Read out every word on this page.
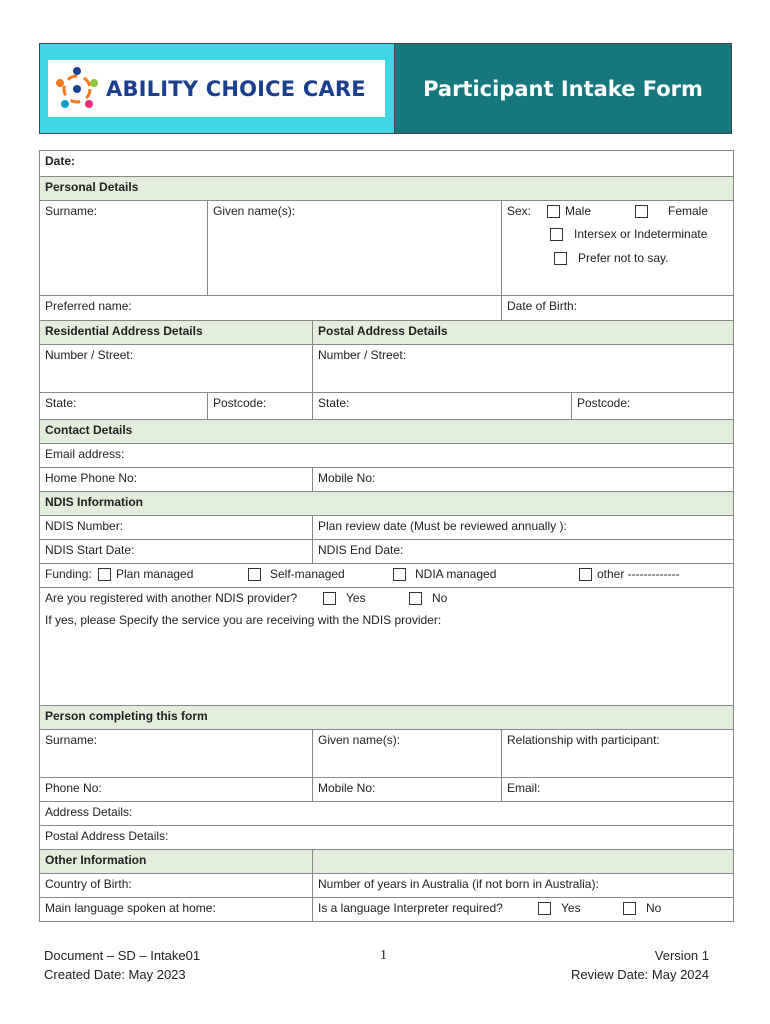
ABILITY CHOICE CARE	Participant Intake Form
Date:				
Personal Details				
Surname:	Given name(s):		Sex: Male Female
Intersex or Indeterminate
Prefer not to say.	

Preferred name:			Date of Birth:	
Residential Address Details		Postal Address Details		
Number / Street:		Number / Street:		
State:	Postcode:	State:		Postcode:
Contact Details				
Email address:				
Home Phone No:		Mobile No:		
NDIS Information				
NDIS Number:		Plan review date (Must be reviewed annually ):		
NDIS Start Date:		NDIS End Date:		
Funding: Plan managed Self-managed NDIA managed other -------------				

Are you registered with another NDIS provider? Yes No
If yes, please Specify the service you are receiving with the NDIS provider:				

Person completing this form				
Surname:		Given name(s):	Relationship with participant:	
Phone No:		Mobile No:	Email:	
Address Details:				
Postal Address Details:				
Other Information				
Country of Birth:		Number of years in Australia (if not born in Australia):		
Main language spoken at home:		Is a language Interpreter required? Yes No		
Document – SD – Intake01
Created Date: May 2023
1	Version 1
Review Date: May 2024
